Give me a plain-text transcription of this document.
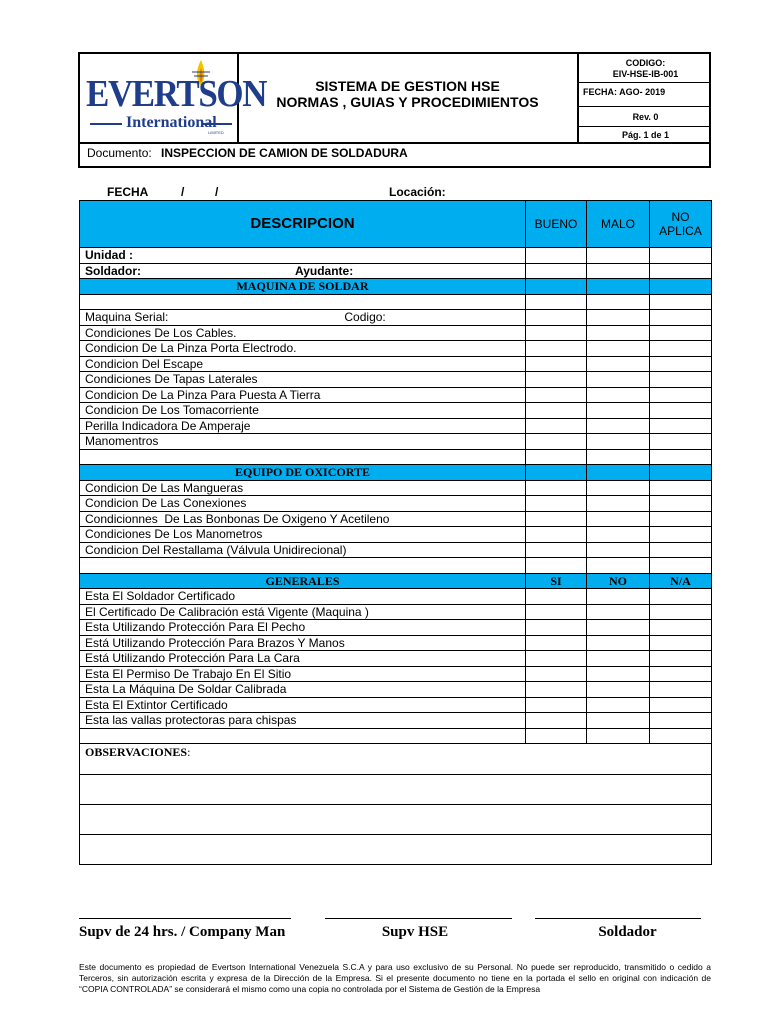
EVERTSON
International
LIMITED
SISTEMA DE GESTION HSE
NORMAS , GUIAS Y PROCEDIMIENTOS
CODIGO:
EIV-HSE-IB-001
FECHA: AGO- 2019
Rev. 0
Pág. 1 de 1
Documento: INSPECCION DE CAMION DE SOLDADURA
FECHA	/	/	Locación:
DESCRIPCION	BUENO	MALO	NO APLICA
Unidad :			
Soldador: Ayudante:			
MAQUINA DE SOLDAR			

Maquina Serial: Codigo:			
Condiciones De Los Cables.			
Condicion De La Pinza Porta Electrodo.			
Condicion Del Escape			
Condiciones De Tapas Laterales			
Condicion De La Pinza Para Puesta A Tierra			
Condicion De Los Tomacorriente			
Perilla Indicadora De Amperaje			
Manomentros			

EQUIPO DE OXICORTE			
Condicion De Las Mangueras			
Condicion De Las Conexiones			
Condicionnes  De Las Bonbonas De Oxigeno Y Acetileno			
Condiciones De Los Manometros			
Condicion Del Restallama (Válvula Unidirecional)			

GENERALES	SI	NO	N/A
Esta El Soldador Certificado			
El Certificado De Calibración está Vigente (Maquina )			
Esta Utilizando Protección Para El Pecho			
Está Utilizando Protección Para Brazos Y Manos			
Está Utilizando Protección Para La Cara			
Esta El Permiso De Trabajo En El Sitio			
Esta La Máquina De Soldar Calibrada			
Esta El Extintor Certificado			
Esta las vallas protectoras para chispas			

OBSERVACIONES:			

Supv de 24 hrs. / Company Man	Supv HSE	Soldador
Este documento es propiedad de Evertson International Venezuela S.C.A y para uso exclusivo de su Personal. No puede ser reproducido, transmitido o cedido a Terceros, sin autorización escrita y expresa de la Dirección de la Empresa. Si el presente documento no tiene en la portada el sello en original con indicación de “COPIA CONTROLADA” se considerará el mismo como una copia no controlada por el Sistema de Gestión de la Empresa
